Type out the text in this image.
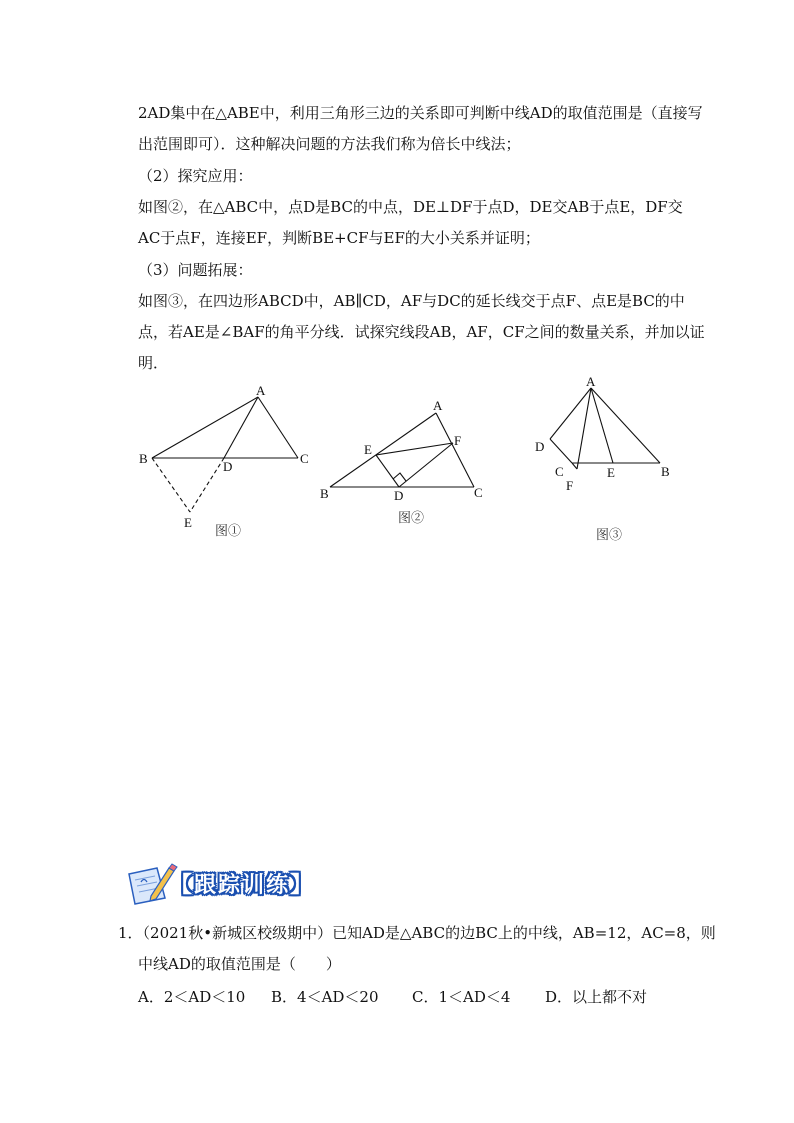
2AD集中在△ABE中，利用三角形三边的关系即可判断中线AD的取值范围是（直接写
出范围即可）．这种解决问题的方法我们称为倍长中线法；
（2）探究应用：
如图②，在△ABC中，点D是BC的中点，DE⊥DF于点D，DE交AB于点E，DF交
AC于点F，连接EF，判断BE+CF与EF的大小关系并证明；
（3）问题拓展：
如图③，在四边形ABCD中，AB∥CD，AF与DC的延长线交于点F、点E是BC的中
点，若AE是∠BAF的角平分线．试探究线段AB，AF，CF之间的数量关系，并加以证
明．
A
B	C
D
E
图①
A
B	C
D
E
F
图②
A
B
C
D
E
F
图③
【跟踪训练】
1．（2021秋•新城区校级期中）已知AD是△ABC的边BC上的中线，AB=12，AC=8，则
中线AD的取值范围是（　　）
A．2＜AD＜10 B．4＜AD＜20 C．1＜AD＜4 D．以上都不对
